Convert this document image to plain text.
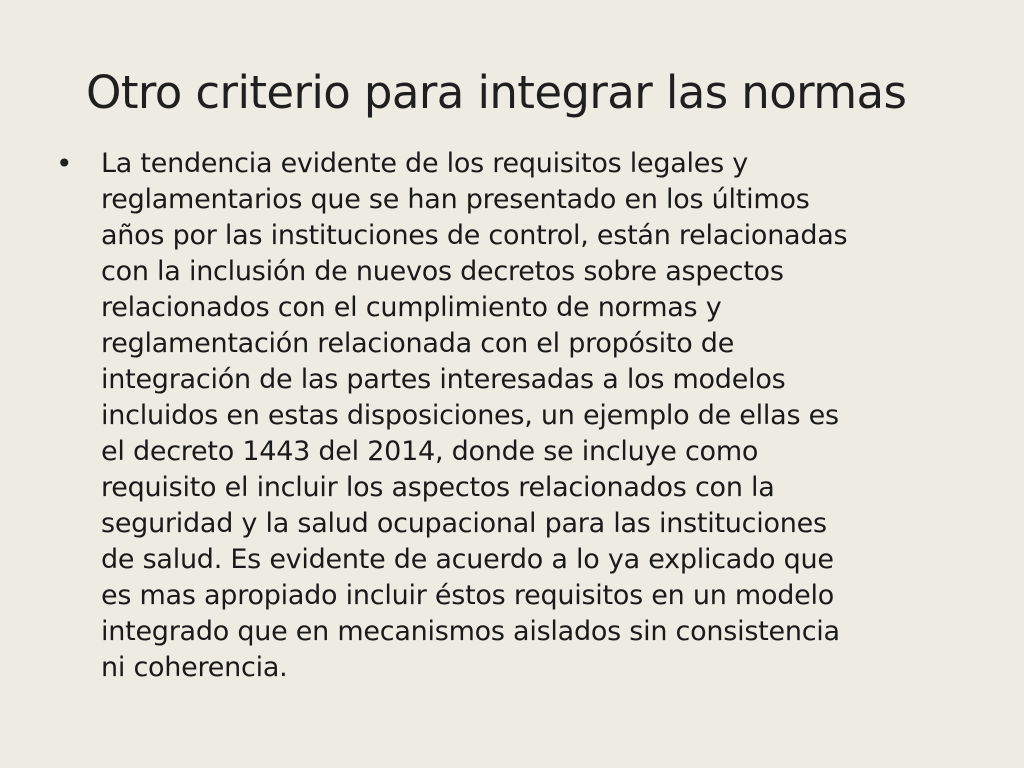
Otro criterio para integrar las normas
• La tendencia evidente de los requisitos legales y
reglamentarios que se han presentado en los últimos
años por las instituciones de control, están relacionadas
con la inclusión de nuevos decretos sobre aspectos
relacionados con el cumplimiento de normas y
reglamentación relacionada con el propósito de
integración de las partes interesadas a los modelos
incluidos en estas disposiciones, un ejemplo de ellas es
el decreto 1443 del 2014, donde se incluye como
requisito el incluir los aspectos relacionados con la
seguridad y la salud ocupacional para las instituciones
de salud. Es evidente de acuerdo a lo ya explicado que
es mas apropiado incluir éstos requisitos en un modelo
integrado que en mecanismos aislados sin consistencia
ni coherencia.
